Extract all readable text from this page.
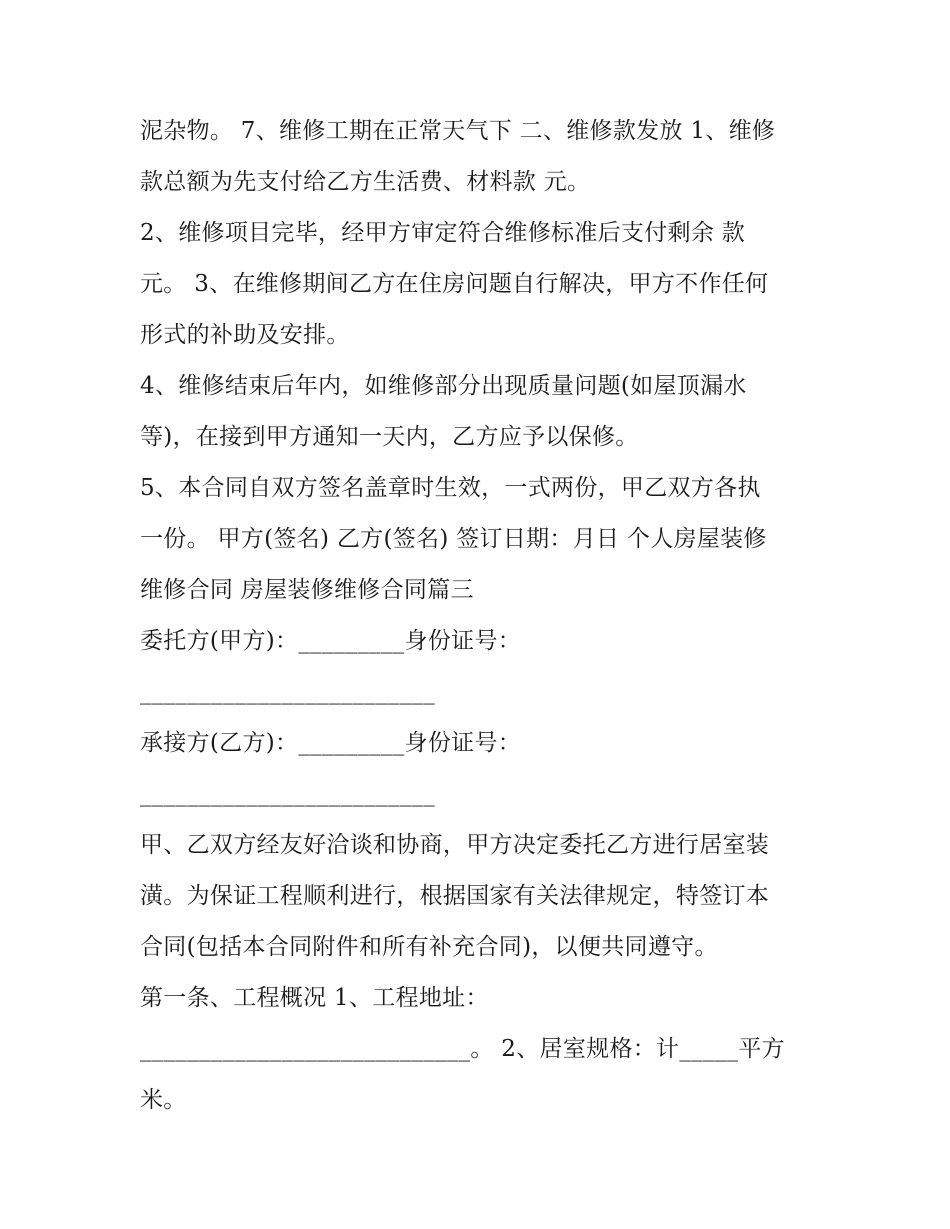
泥杂物。 7、维修工期在正常天气下 二、维修款发放 1、维修
款总额为先支付给乙方生活费、材料款 元。
2、维修项目完毕，经甲方审定符合维修标准后支付剩余 款
元。 3、在维修期间乙方在住房问题自行解决，甲方不作任何
形式的补助及安排。
4、维修结束后年内，如维修部分出现质量问题(如屋顶漏水
等)，在接到甲方通知一天内，乙方应予以保修。
5、本合同自双方签名盖章时生效，一式两份，甲乙双方各执
一份。 甲方(签名) 乙方(签名) 签订日期：月日 个人房屋装修
维修合同 房屋装修维修合同篇三
委托方(甲方)：_________身份证号：
_________________________
承接方(乙方)：_________身份证号：
_________________________
甲、乙双方经友好洽谈和协商，甲方决定委托乙方进行居室装
潢。为保证工程顺利进行，根据国家有关法律规定，特签订本
合同(包括本合同附件和所有补充合同)，以便共同遵守。
第一条、工程概况 1、工程地址：
____________________________。 2、居室规格：计_____平方
米。
